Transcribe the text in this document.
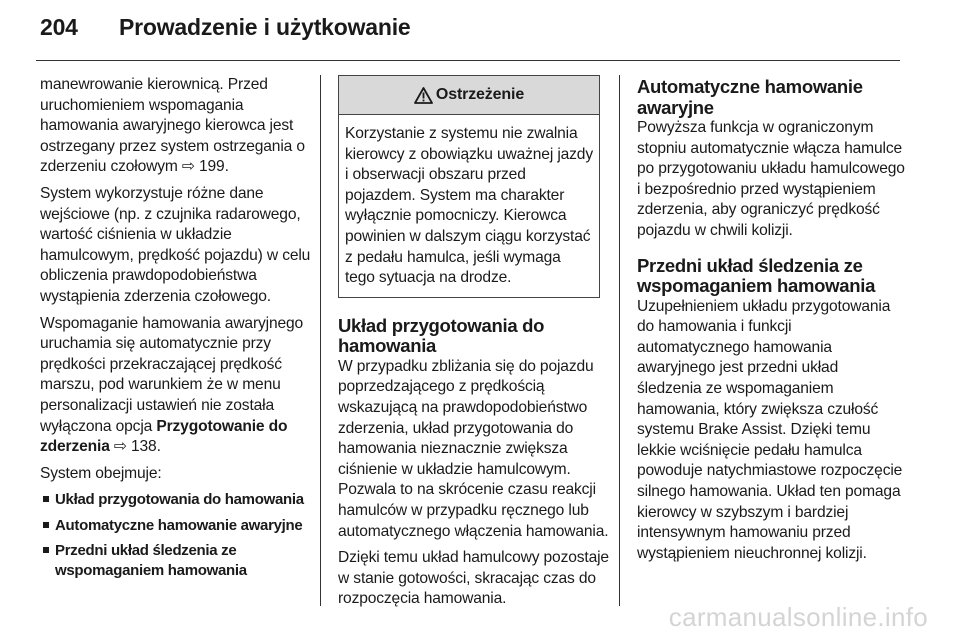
204	Prowadzenie i użytkowanie

manewrowanie kierownicą. Przed uruchomieniem wspomagania hamowania awaryjnego kierowca jest ostrzegany przez system ostrzegania o zderzeniu czołowym ⇨ 199.

System wykorzystuje różne dane wejściowe (np. z czujnika radarowego, wartość ciśnienia w układzie hamulcowym, prędkość pojazdu) w celu obliczenia prawdopodobieństwa wystąpienia zderzenia czołowego.

Wspomaganie hamowania awaryjnego uruchamia się automatycznie przy prędkości przekraczającej prędkość marszu, pod warunkiem że w menu personalizacji ustawień nie została wyłączona opcja Przygotowanie do zderzenia ⇨ 138.

System obejmuje:

Układ przygotowania do hamowania
Automatyczne hamowanie awaryjne
Przedni układ śledzenia ze wspomaganiem hamowania
Ostrzeżenie
Korzystanie z systemu nie zwalnia kierowcy z obowiązku uważnej jazdy i obserwacji obszaru przed pojazdem. System ma charakter wyłącznie pomocniczy. Kierowca powinien w dalszym ciągu korzystać z pedału hamulca, jeśli wymaga tego sytuacja na drodze.
Układ przygotowania do hamowania

W przypadku zbliżania się do pojazdu poprzedzającego z prędkością wskazującą na prawdopodobieństwo zderzenia, układ przygotowania do hamowania nieznacznie zwiększa ciśnienie w układzie hamulcowym. Pozwala to na skrócenie czasu reakcji hamulców w przypadku ręcznego lub automatycznego włączenia hamowania.

Dzięki temu układ hamulcowy pozostaje w stanie gotowości, skracając czas do rozpoczęcia hamowania.

Automatyczne hamowanie awaryjne

Powyższa funkcja w ograniczonym stopniu automatycznie włącza hamulce po przygotowaniu układu hamulcowego i bezpośrednio przed wystąpieniem zderzenia, aby ograniczyć prędkość pojazdu w chwili kolizji.

Przedni układ śledzenia ze wspomaganiem hamowania

Uzupełnieniem układu przygotowania do hamowania i funkcji automatycznego hamowania awaryjnego jest przedni układ śledzenia ze wspomaganiem hamowania, który zwiększa czułość systemu Brake Assist. Dzięki temu lekkie wciśnięcie pedału hamulca powoduje natychmiastowe rozpoczęcie silnego hamowania. Układ ten pomaga kierowcy w szybszym i bardziej intensywnym hamowaniu przed wystąpieniem nieuchronnej kolizji.

carmanualsonline.info
